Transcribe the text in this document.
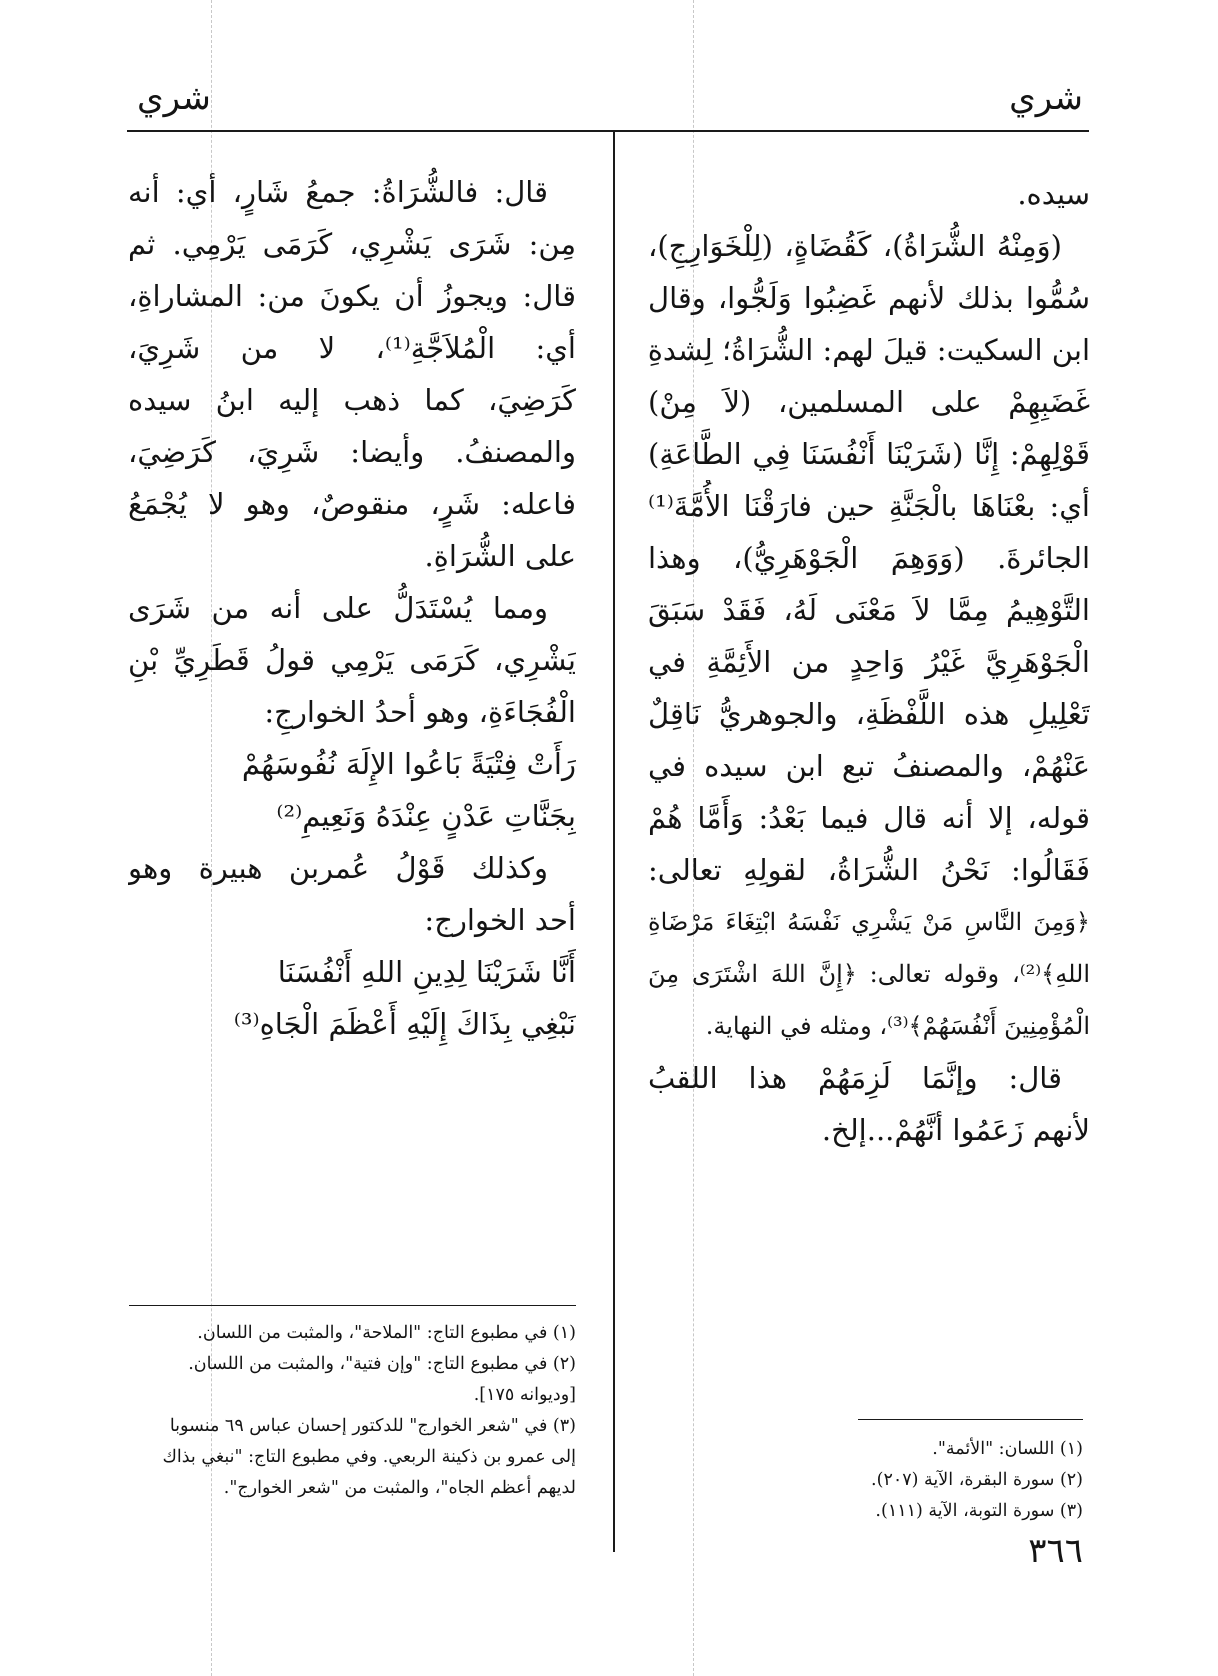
شري
شري
سيده.
(وَمِنْهُ الشُّرَاةُ)، كَقُضَاةٍ، (لِلْخَوَارِجِ)،
سُمُّوا بذلك لأنهم غَضِبُوا وَلَجُّوا، وقال
ابن السكيت: قيلَ لهم: الشُّرَاةُ؛ لِشدةِ
غَضَبِهِمْ على المسلمين، (لاَ مِنْ)
قَوْلِهِمْ: إِنَّا (شَرَيْنَا أَنْفُسَنَا فِي الطَّاعَةِ)
أي: بعْنَاهَا بالْجَنَّةِ حين فارَقْنَا الأُمَّةَ⁽¹⁾
الجائرةَ. (وَوَهِمَ الْجَوْهَرِيُّ)، وهذا
التَّوْهِيمُ مِمَّا لاَ مَعْنَى لَهُ، فَقَدْ سَبَقَ
الْجَوْهَرِيَّ غَيْرُ وَاحِدٍ من الأَئِمَّةِ في
تَعْلِيلِ هذه اللَّفْظَةِ، والجوهريُّ نَاقِلٌ
عَنْهُمْ، والمصنفُ تبع ابن سيده في
قوله، إلا أنه قال فيما بَعْدُ: وَأَمَّا هُمْ
فَقَالُوا: نَحْنُ الشُّرَاةُ، لقولِهِ تعالى:
﴿وَمِنَ النَّاسِ مَنْ يَشْرِي نَفْسَهُ ابْتِغَاءَ مَرْضَاةِ
اللهِ﴾⁽²⁾، وقوله تعالى: ﴿إِنَّ اللهَ اشْتَرَى مِنَ
الْمُؤْمِنِينَ أَنْفُسَهُمْ﴾⁽³⁾، ومثله في النهاية.
قال: وإنَّمَا لَزِمَهُمْ هذا اللقبُ
لأنهم زَعَمُوا أنَّهُمْ...إلخ.
(١) اللسان: "الأئمة".
(٢) سورة البقرة، الآية (٢٠٧).
(٣) سورة التوبة، الآية (١١١).
قال: فالشُّرَاةُ: جمعُ شَارٍ، أي: أنه
مِن: شَرَى يَشْرِي، كَرَمَى يَرْمِي. ثم
قال: ويجوزُ أن يكونَ من: المشاراةِ،
أي: الْمُلاَجَّةِ⁽¹⁾، لا من شَرِيَ،
كَرَضِيَ، كما ذهب إليه ابنُ سيده
والمصنفُ. وأيضا: شَرِيَ، كَرَضِيَ،
فاعله: شَرٍ، منقوصٌ، وهو لا يُجْمَعُ
على الشُّرَاةِ.
ومما يُسْتَدَلُّ على أنه من شَرَى
يَشْرِي، كَرَمَى يَرْمِي قولُ قَطَرِيِّ بْنِ
الْفُجَاءَةِ، وهو أحدُ الخوارجِ:
رَأَتْ فِتْيَةً بَاعُوا الإِلَهَ نُفُوسَهُمْ
بِجَنَّاتِ عَدْنٍ عِنْدَهُ وَنَعِيمِ⁽²⁾
وكذلك قَوْلُ عُمربن هبيرة وهو
أحد الخوارج:
أَنَّا شَرَيْنَا لِدِينِ اللهِ أَنْفُسَنَا
نَبْغِي بِذَاكَ إِلَيْهِ أَعْظَمَ الْجَاهِ⁽³⁾
(١) في مطبوع التاج: "الملاحة"، والمثبت من اللسان.
(٢) في مطبوع التاج: "وإن فتية"، والمثبت من اللسان.
[وديوانه ١٧٥].
(٣) في "شعر الخوارج" للدكتور إحسان عباس ٦٩ منسوبا
إلى عمرو بن ذكينة الربعي. وفي مطبوع التاج: "نبغي بذاك
لديهم أعظم الجاه"، والمثبت من "شعر الخوارج".
٣٦٦
